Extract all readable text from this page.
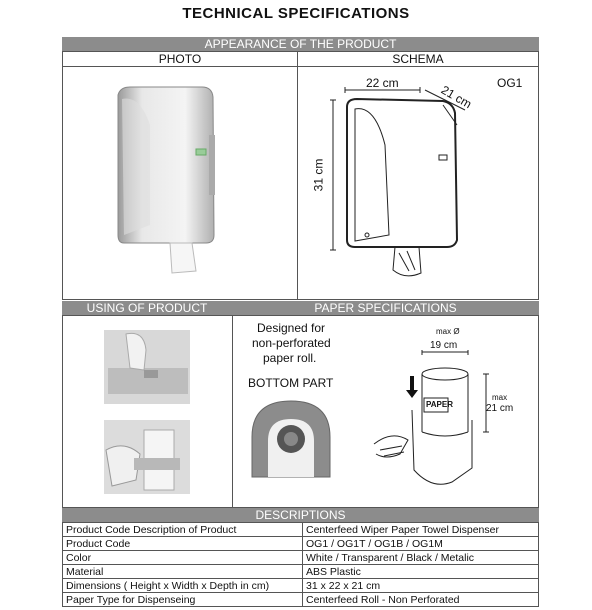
TECHNICAL SPECIFICATIONS
APPEARANCE OF THE PRODUCT
PHOTO	SCHEMA
OG1
22 cm	21 cm
31 cm
USING OF PRODUCT	PAPER SPECIFICATIONS
Designed for
non-perforated
paper roll.
BOTTOM PART
max Ø
19 cm
max
21 cm
PAPER
DESCRIPTIONS
Product Code Description of Product	Centerfeed Wiper Paper Towel Dispenser
Product Code	OG1 / OG1T / OG1B / OG1M
Color	White / Transparent / Black / Metalic
Material	ABS Plastic
Dimensions ( Height x Width x Depth in cm)	31 x 22 x 21 cm
Paper Type for Dispenseing	Centerfeed Roll - Non Perforated
